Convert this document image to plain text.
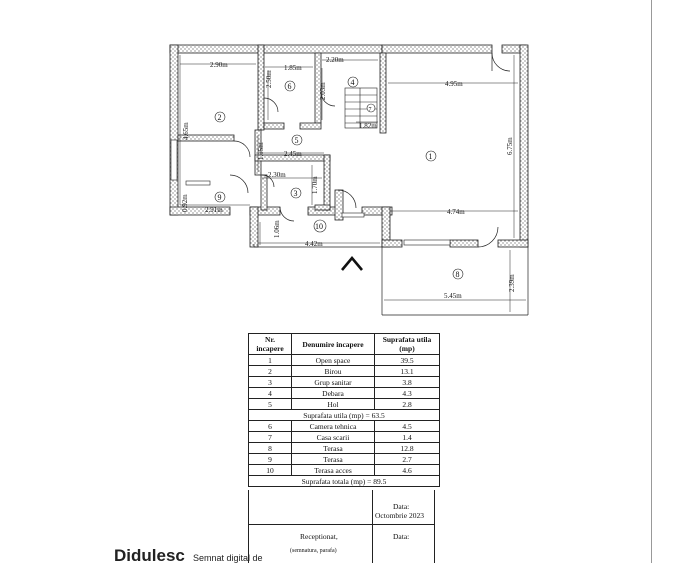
2.90m	1.85m
2.20m
4.95m
2.50m
2.03m
4.65m	1.82m
1.15m	2.45m	6.75m
2.30m
1.70m
0.92m 2.91m	4.74m
1.06m
4.42m
2.39m
5.45m
1
2
3
4
5
6
7
8
9
10
Nr. incapere	Denumire incapere	Suprafata utila (mp)
1	Open space	39.5
2	Birou	13.1
3	Grup sanitar	3.8
4	Debara	4.3
5	Hol	2.8
Suprafata utila (mp) = 63.5		
6	Camera tehnica	4.5
7	Casa scarii	1.4
8	Terasa	12.8
9	Terasa	2.7
10	Terasa acces	4.6
Suprafata totala (mp) = 89.5		
Data:
Octombrie 2023
Receptionat,
(semnatura, parafa)
Data:
Didulesc Semnat digital de
